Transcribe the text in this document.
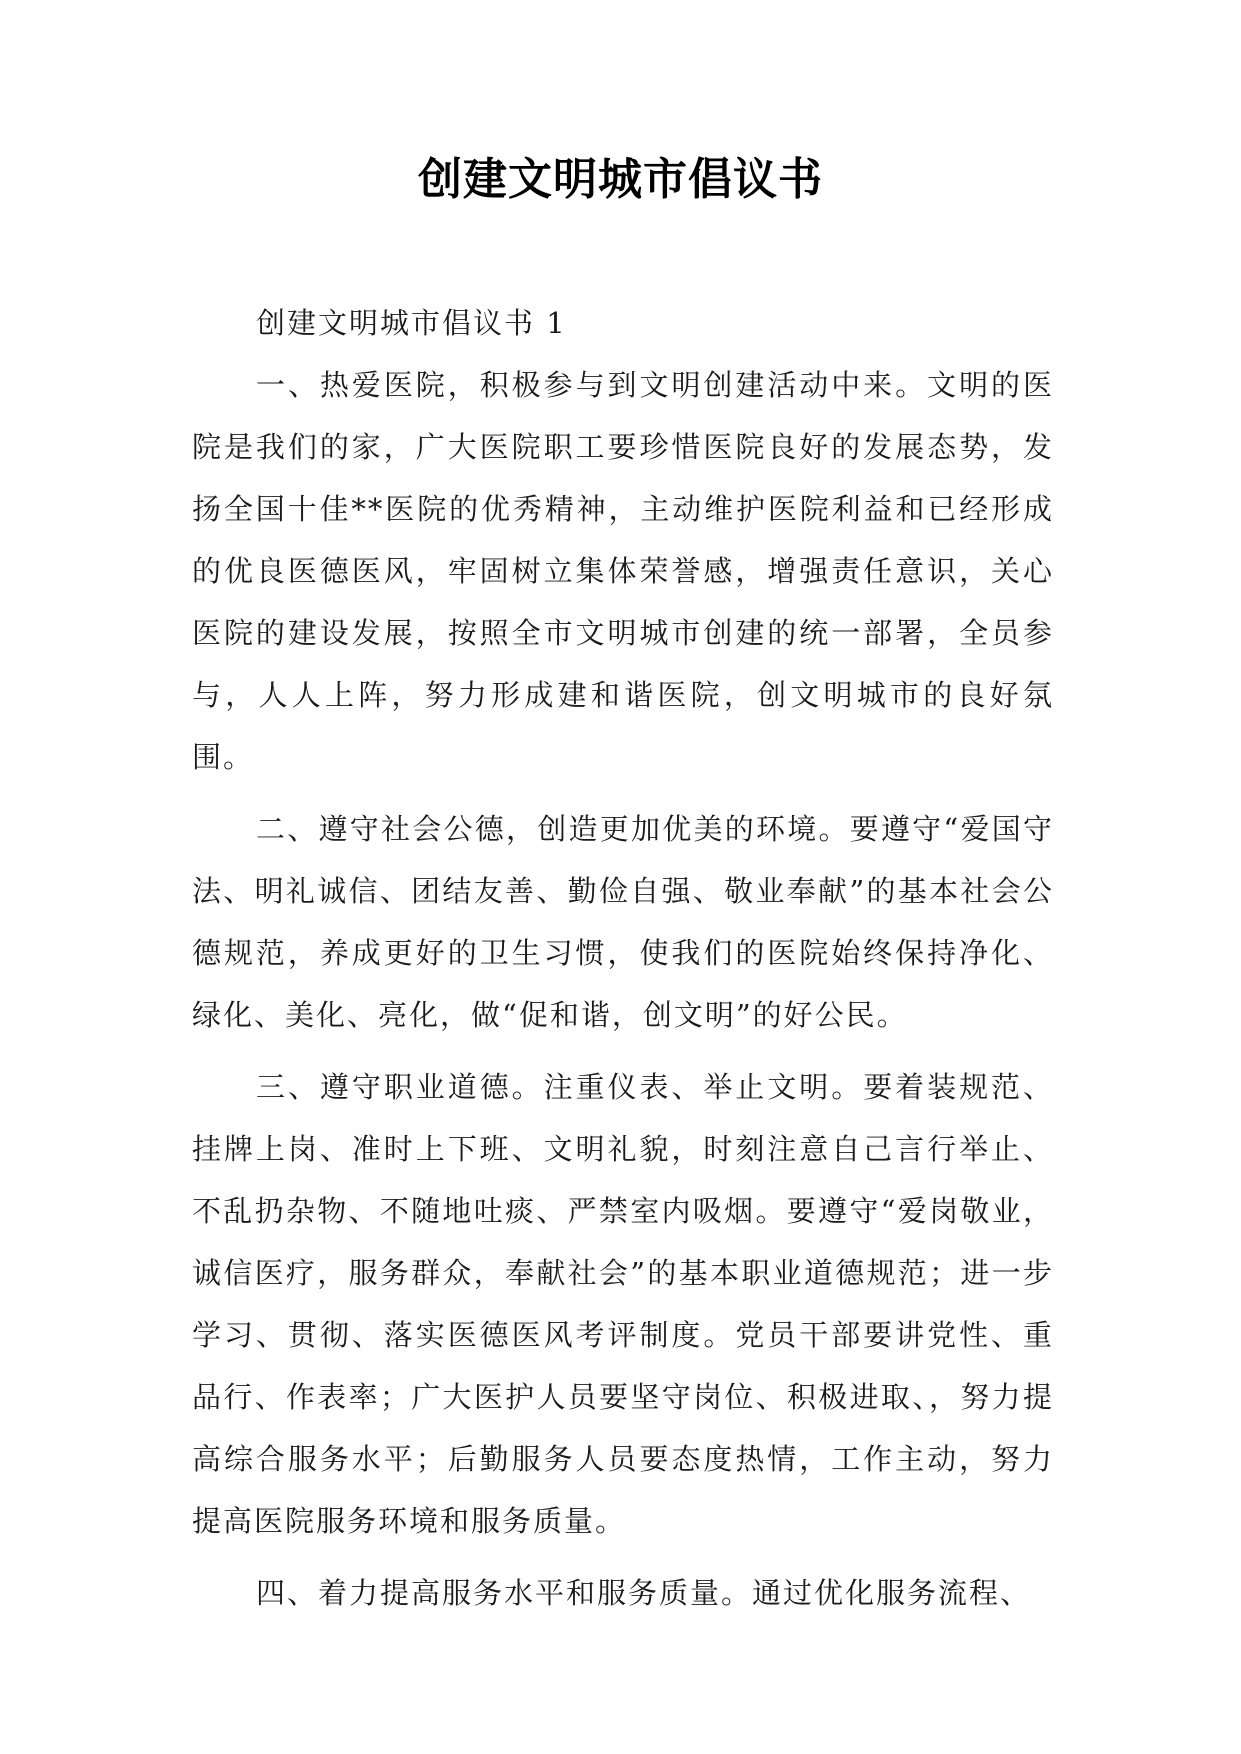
创建文明城市倡议书

创建文明城市倡议书 1

一、热爱医院，积极参与到文明创建活动中来。文明的医院是我们的家，广大医院职工要珍惜医院良好的发展态势，发扬全国十佳**医院的优秀精神，主动维护医院利益和已经形成的优良医德医风，牢固树立集体荣誉感，增强责任意识，关心医院的建设发展，按照全市文明城市创建的统一部署，全员参与，人人上阵，努力形成建和谐医院，创文明城市的良好氛围。

二、遵守社会公德，创造更加优美的环境。要遵守“爱国守法、明礼诚信、团结友善、勤俭自强、敬业奉献”的基本社会公德规范，养成更好的卫生习惯，使我们的医院始终保持净化、绿化、美化、亮化，做“促和谐，创文明”的好公民。

三、遵守职业道德。注重仪表、举止文明。要着装规范、挂牌上岗、准时上下班、文明礼貌，时刻注意自己言行举止、不乱扔杂物、不随地吐痰、严禁室内吸烟。要遵守“爱岗敬业，诚信医疗，服务群众，奉献社会”的基本职业道德规范；进一步学习、贯彻、落实医德医风考评制度。党员干部要讲党性、重品行、作表率；广大医护人员要坚守岗位、积极进取、，努力提高综合服务水平；后勤服务人员要态度热情，工作主动，努力提高医院服务环境和服务质量。

四、着力提高服务水平和服务质量。通过优化服务流程、
